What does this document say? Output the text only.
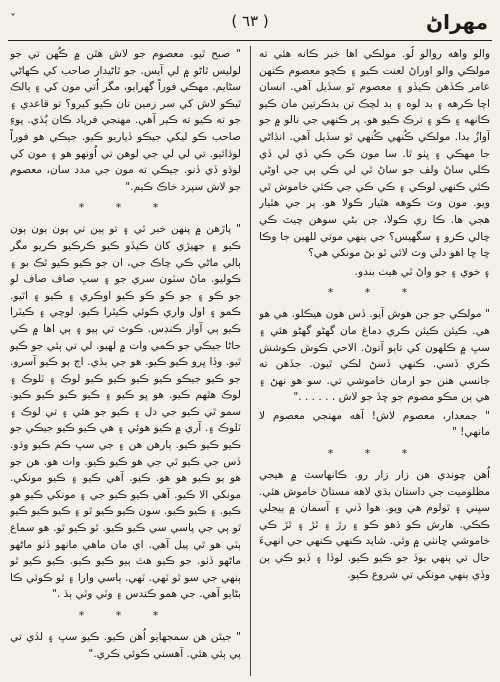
مهراڻ
( ٦٣ )
ˇ

والو واهه روالو لُو. مولڪي اها خبر ڪانه هئي ته مولڪي والو اوراڻ لعنت ڪيو ۽ ڪچو معصوم ڪنهن عامر ڪڏهن ڪيڏو ۽ معصوم ٿو سڏيل آهي. انسان اچا ڪرهه ۽ بد لوه ۽ بد لچڪ تن بدڪرتين مان ڪيو ڪانهه ۽ ڪو ۽ ترڪ ڪيو هو. پر ڪنهي جي نالو ۾ جو آوازُ بدا. مولڪي ڪُنهي ڪُنهي ٿو سڏيل آهي. انڌاڻي جا مهڪي ۽ ڀٺو ٿا. سا مون ڪي ڪي ڏي لي ڏي ڪلي ساڻ ولف جو ساڻ ٿي لي ڪي ٻي جي اوڻي ڪئي ڪنهي لوڪي ۽ ڪي ڪي جي ڪئي خاموش ٿي ويو. مون وٽ ڪوهه هٿيار ڪولا هو. پر جي هٿيار هجي ها. ڪا ري ڪولا، جن بڻي سوهن چيٽ ڪي چالي ڪرو ۽ سگهيس؟ جي ٻنهي موتي للهين جا وڪا ڇا ڇا اهو دلي وٽ لائي ٿو بڻ مونکي هي؟

۽ خوي ۽ جو واڻ ٿي هيٺ بندو.

* * *

" مولڪي جو جن هوش آيو. ڏس هون هيڪلو. هي هو هي. ڪيئن ڪيئن ڪري دماغ مان گهڻو گهڻو هئي ۽ سڀ ۾ ڪلهون کي تاٻو آتوڻ. الاحي ڪوش ڪوشش ڪري ڏسي. ڪنهي ڏسڻ لڪي ٿيون. جڏهن ته جانسي هنن جو ارمان خاموشي تي. سو هو نهڻ ۽ هي ٻن مڪو مصوم جو ڇڏ جو لاش . . . . . ."

" جمعدار، معصوم لاش! آهه مهنجي معصوم لا مانهي! "

* * *

اُهن چوندي هن زار زار رو. ڪانهاسٽ ۾ هيجي مظلوميت جي داستان بڌي لاهه مستاڻ خاموش هئي. سڀني ۽ ٿولوم هي ويو. هوا ڏني ۽ آسمان ۾ ٻيجلي ڪڪي. هارش ڪو ڌهو ڪو ۽ رڙ ۽ ٿڙ ۽ ٿڙ ڪي خاموشي چانٺي ۾ وئي. شايد ڪنهي ڪنهي جي انهيءَ حال تي ٻنهي بوڏ جو ڪيو ڪيو. لوڏا ۽ ڏيو ڪي ٻن وڏي ٻنهي مونکي تي شروع ڪيو.

" صبح ٿيو. معصوم جو لاش هٿن ۾ ڪُهن تي جو لوليس ٿاڻو ۾ لي آيس. جو ٿاڻيدار صاحب کي ڪهاڻي سڻايم. مهڪي فوراً گهرايو، مگر اُتي مون کي ۽ ٻالڪ ٿيڪو لاش کي سر زمين تان ڪيو کيرو؟ تو قاعدي ۽ جو ته ڪيو ته ڪير آهي. مهنجي فرياد ڪان ٻُڌي. پوءِ صاحب ڪو ليکي جيڪو ڏياريو ڪيو. جيڪي هو فوراً لوڌائيو. تي لي لي جي لوهن تي اُونهو هو ۽ مون کي لوڌو ڏي ڏنو. جيڪي ته مون جي مدد سان، معصوم جو لاش سپرد خاڪ ڪيم."

* * *

" پاڙهن ۾ پنهن خبر ٿي ۽ تو ٻين تي ٻون ٻون ٻون ڪيو ۽ جهيڙي کان ڪيڏو ڪيو ڪرڪيو ڪريو مگر ٻالي ماڻي ڪي چاڪ جي، ان جو ڪيو ڪيو ٿڪ بو ۽ ڪوليو. ماڻ سٽون سري جو ۽ سڀ صاف صاف لو جو ڪو ۽ جو ڪو ڪو ڪيو اوڪري ۽ ڪيو ۽ اٿيو. ڪمو ۽ اول واري ڪوئي ڪيٿرا ڪيو. لوچي ۽ ڪيٽرا ڪيو ٻي آواز ڪنڊس. ڪوٽ تي ٻيو ۽ ٻي اها ۾ ڪي حاڻا جيڪي جو ڪمي وات ۾ لهيو. لي تي ٻئي جو ڪيو ٿيو. وڏا ڀرو ڪيو ڪيو. هو جي ٻڌي. اڄ ٻو ڪيو آسرو. جو ڪيو جيڪو ڪيو ڪيو ڪيو ڪيو لوڪ ۽ ٽلوڪ ۽ لوڪ هٿهم ڪيو. هو ڀو ڪيو ۽ ڪيو ڪيو ڪيو ڪيو. سمو ٿي ڪيو جي دل ۽ ڪيو جو هئي ۽ تي لوڪ ۽ ٽلوڪ ۽. آري ۾ ڪيو هوئي ۽ هي ڪيو ڪيو جيڪي جو ڪيو ڪيو ڪيو. ٻارهن هن ۽ جي سڀ ڪم ڪيو وڌو. ڏس جي ڪيو ٿي جي هو ڪيو ڪيو. وات هو. هن جو هو ٻو ڪيو هو هو. ڪيو. آهي ڪيو ۽ ڪيو مونکي. مونکي الا ڪيو. آهي ڪيو ڪيو جي ۽ مونکي ڪيو هو ڪيو. ۽ ڪيو ڪيو. سون ڪيو ڪيو ٿو ۽ ڪيو ڪيو ڪيو ٿو ٻي جي پاسي سي ڪيو ڪيو. ٿو ڪيو ٿو. هو سماع ٻٽي هو ٿي پيل آهي. اي مان ماهي مانهو ڏٺو ماڻهو ماڻهو ڏٺو. جو ڪيو هٿ ٻيو ڪيو ڪيو. ڪيو ڪيو ٿو ٻنهي جي سو ٿو ٽهي. ٽهي. ٻاسي وارا ۽ ٿو ڪوئي ڪا بڻايو آهي. جي همو ڪندس ۽ وٽي وٽي ٻڌ ."

* * *

" جيئن هن سمجهايو اُهن ڪيو. ڪيو سڀ ۽ لڏي تي پي ٻئي هئي. آهستي ڪوئي ڪري."
